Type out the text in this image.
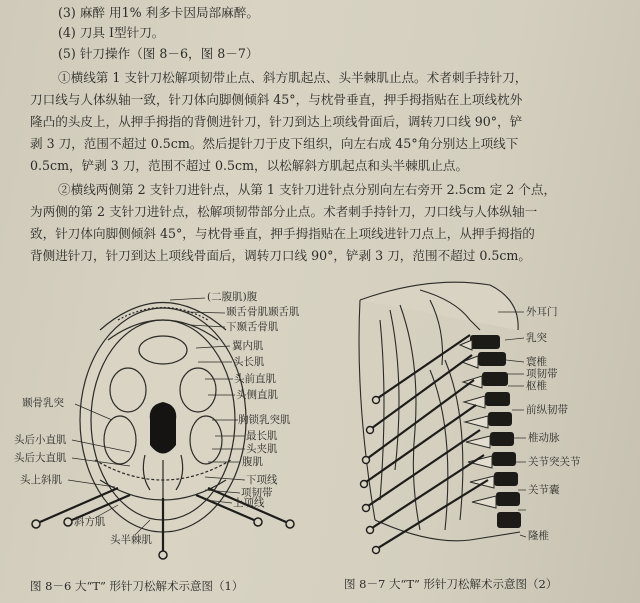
(3) 麻醉 用1% 利多卡因局部麻醉。
(4) 刀具 Ⅰ型针刀。
(5) 针刀操作（图 8－6，图 8－7）
①横线第 1 支针刀松解项韧带止点、斜方肌起点、头半棘肌止点。术者刺手持针刀，
刀口线与人体纵轴一致，针刀体向脚侧倾斜 45°，与枕骨垂直，押手拇指贴在上项线枕外
隆凸的头皮上，从押手拇指的背侧进针刀，针刀到达上项线骨面后，调转刀口线 90°，铲
剥 3 刀，范围不超过 0.5cm。然后提针刀于皮下组织，向左右成 45°角分别达上项线下
0.5cm，铲剥 3 刀，范围不超过 0.5cm，以松解斜方肌起点和头半棘肌止点。
②横线两侧第 2 支针刀进针点，从第 1 支针刀进针点分别向左右旁开 2.5cm 定 2 个点，
为两侧的第 2 支针刀进针点，松解项韧带部分止点。术者刺手持针刀，刀口线与人体纵轴一
致，针刀体向脚侧倾斜 45°，与枕骨垂直，押手拇指贴在上项线进针刀点上，从押手拇指的
背侧进针刀，针刀到达上项线骨面后，调转刀口线 90°，铲剥 3 刀，范围不超过 0.5cm。
(二腹肌)腹
颞舌骨肌颞舌肌
下颞舌骨肌
翼内肌
头长肌
头前直肌
头侧直肌
颞骨乳突
胸锁乳突肌
最长肌
头夹肌
头后小直肌
头后大直肌	腹肌
头上斜肌	下项线
项韧带
上项线
斜方肌
头半棘肌
外耳门
乳突
寰椎
项韧带
枢椎
前纵韧带
椎动脉
关节突关节
关节囊
隆椎
图 8－6 大“T” 形针刀松解术示意图（1）	图 8－7 大“T” 形针刀松解术示意图（2）
